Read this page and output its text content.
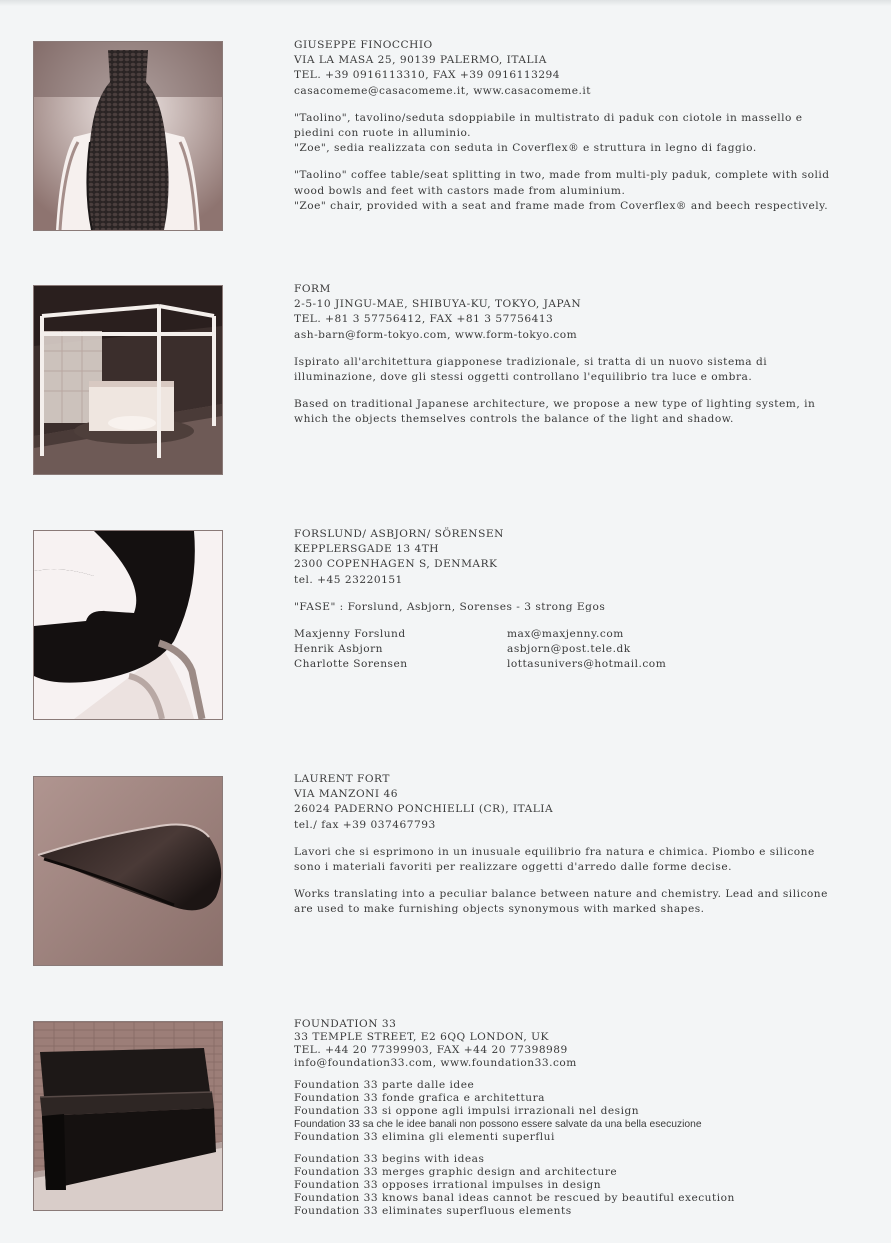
GIUSEPPE FINOCCHIO

VIA LA MASA 25, 90139 PALERMO, ITALIA

TEL. +39 0916113310, FAX +39 0916113294

casacomeme@casacomeme.it, www.casacomeme.it

"Taolino", tavolino/seduta sdoppiabile in multistrato di paduk con ciotole in massello e piedini con ruote in alluminio.

"Zoe", sedia realizzata con seduta in Coverflex® e struttura in legno di faggio.

"Taolino" coffee table/seat splitting in two, made from multi-ply paduk, complete with solid wood bowls and feet with castors made from aluminium.

"Zoe" chair, provided with a seat and frame made from Coverflex® and beech respectively.

FORM

2-5-10 JINGU-MAE, SHIBUYA-KU, TOKYO, JAPAN

TEL. +81 3 57756412, FAX +81 3 57756413

ash-barn@form-tokyo.com, www.form-tokyo.com

Ispirato all'architettura giapponese tradizionale, si tratta di un nuovo sistema di illuminazione, dove gli stessi oggetti controllano l'equilibrio tra luce e ombra.

Based on traditional Japanese architecture, we propose a new type of lighting system, in which the objects themselves controls the balance of the light and shadow.

FORSLUND/ ASBJORN/ SÖRENSEN

KEPPLERSGADE 13 4TH

2300 COPENHAGEN S, DENMARK

tel. +45 23220151

"FASE" : Forslund, Asbjorn, Sorenses - 3 strong Egos

Maxjenny Forslund

Henrik Asbjorn

Charlotte Sorensen

max@maxjenny.com

asbjorn@post.tele.dk

lottasunivers@hotmail.com

LAURENT FORT

VIA MANZONI 46

26024 PADERNO PONCHIELLI (CR), ITALIA

tel./ fax +39 037467793

Lavori che si esprimono in un inusuale equilibrio fra natura e chimica. Piombo e silicone sono i materiali favoriti per realizzare oggetti d'arredo dalle forme decise.

Works translating into a peculiar balance between nature and chemistry. Lead and silicone are used to make furnishing objects synonymous with marked shapes.

FOUNDATION 33

33 TEMPLE STREET, E2 6QQ LONDON, UK

TEL. +44 20 77399903, FAX +44 20 77398989

info@foundation33.com, www.foundation33.com

Foundation 33 parte dalle idee

Foundation 33 fonde grafica e architettura

Foundation 33 si oppone agli impulsi irrazionali nel design

Foundation 33 sa che le idee banali non possono essere salvate da una bella esecuzione

Foundation 33 elimina gli elementi superflui

Foundation 33 begins with ideas

Foundation 33 merges graphic design and architecture

Foundation 33 opposes irrational impulses in design

Foundation 33 knows banal ideas cannot be rescued by beautiful execution

Foundation 33 eliminates superfluous elements
